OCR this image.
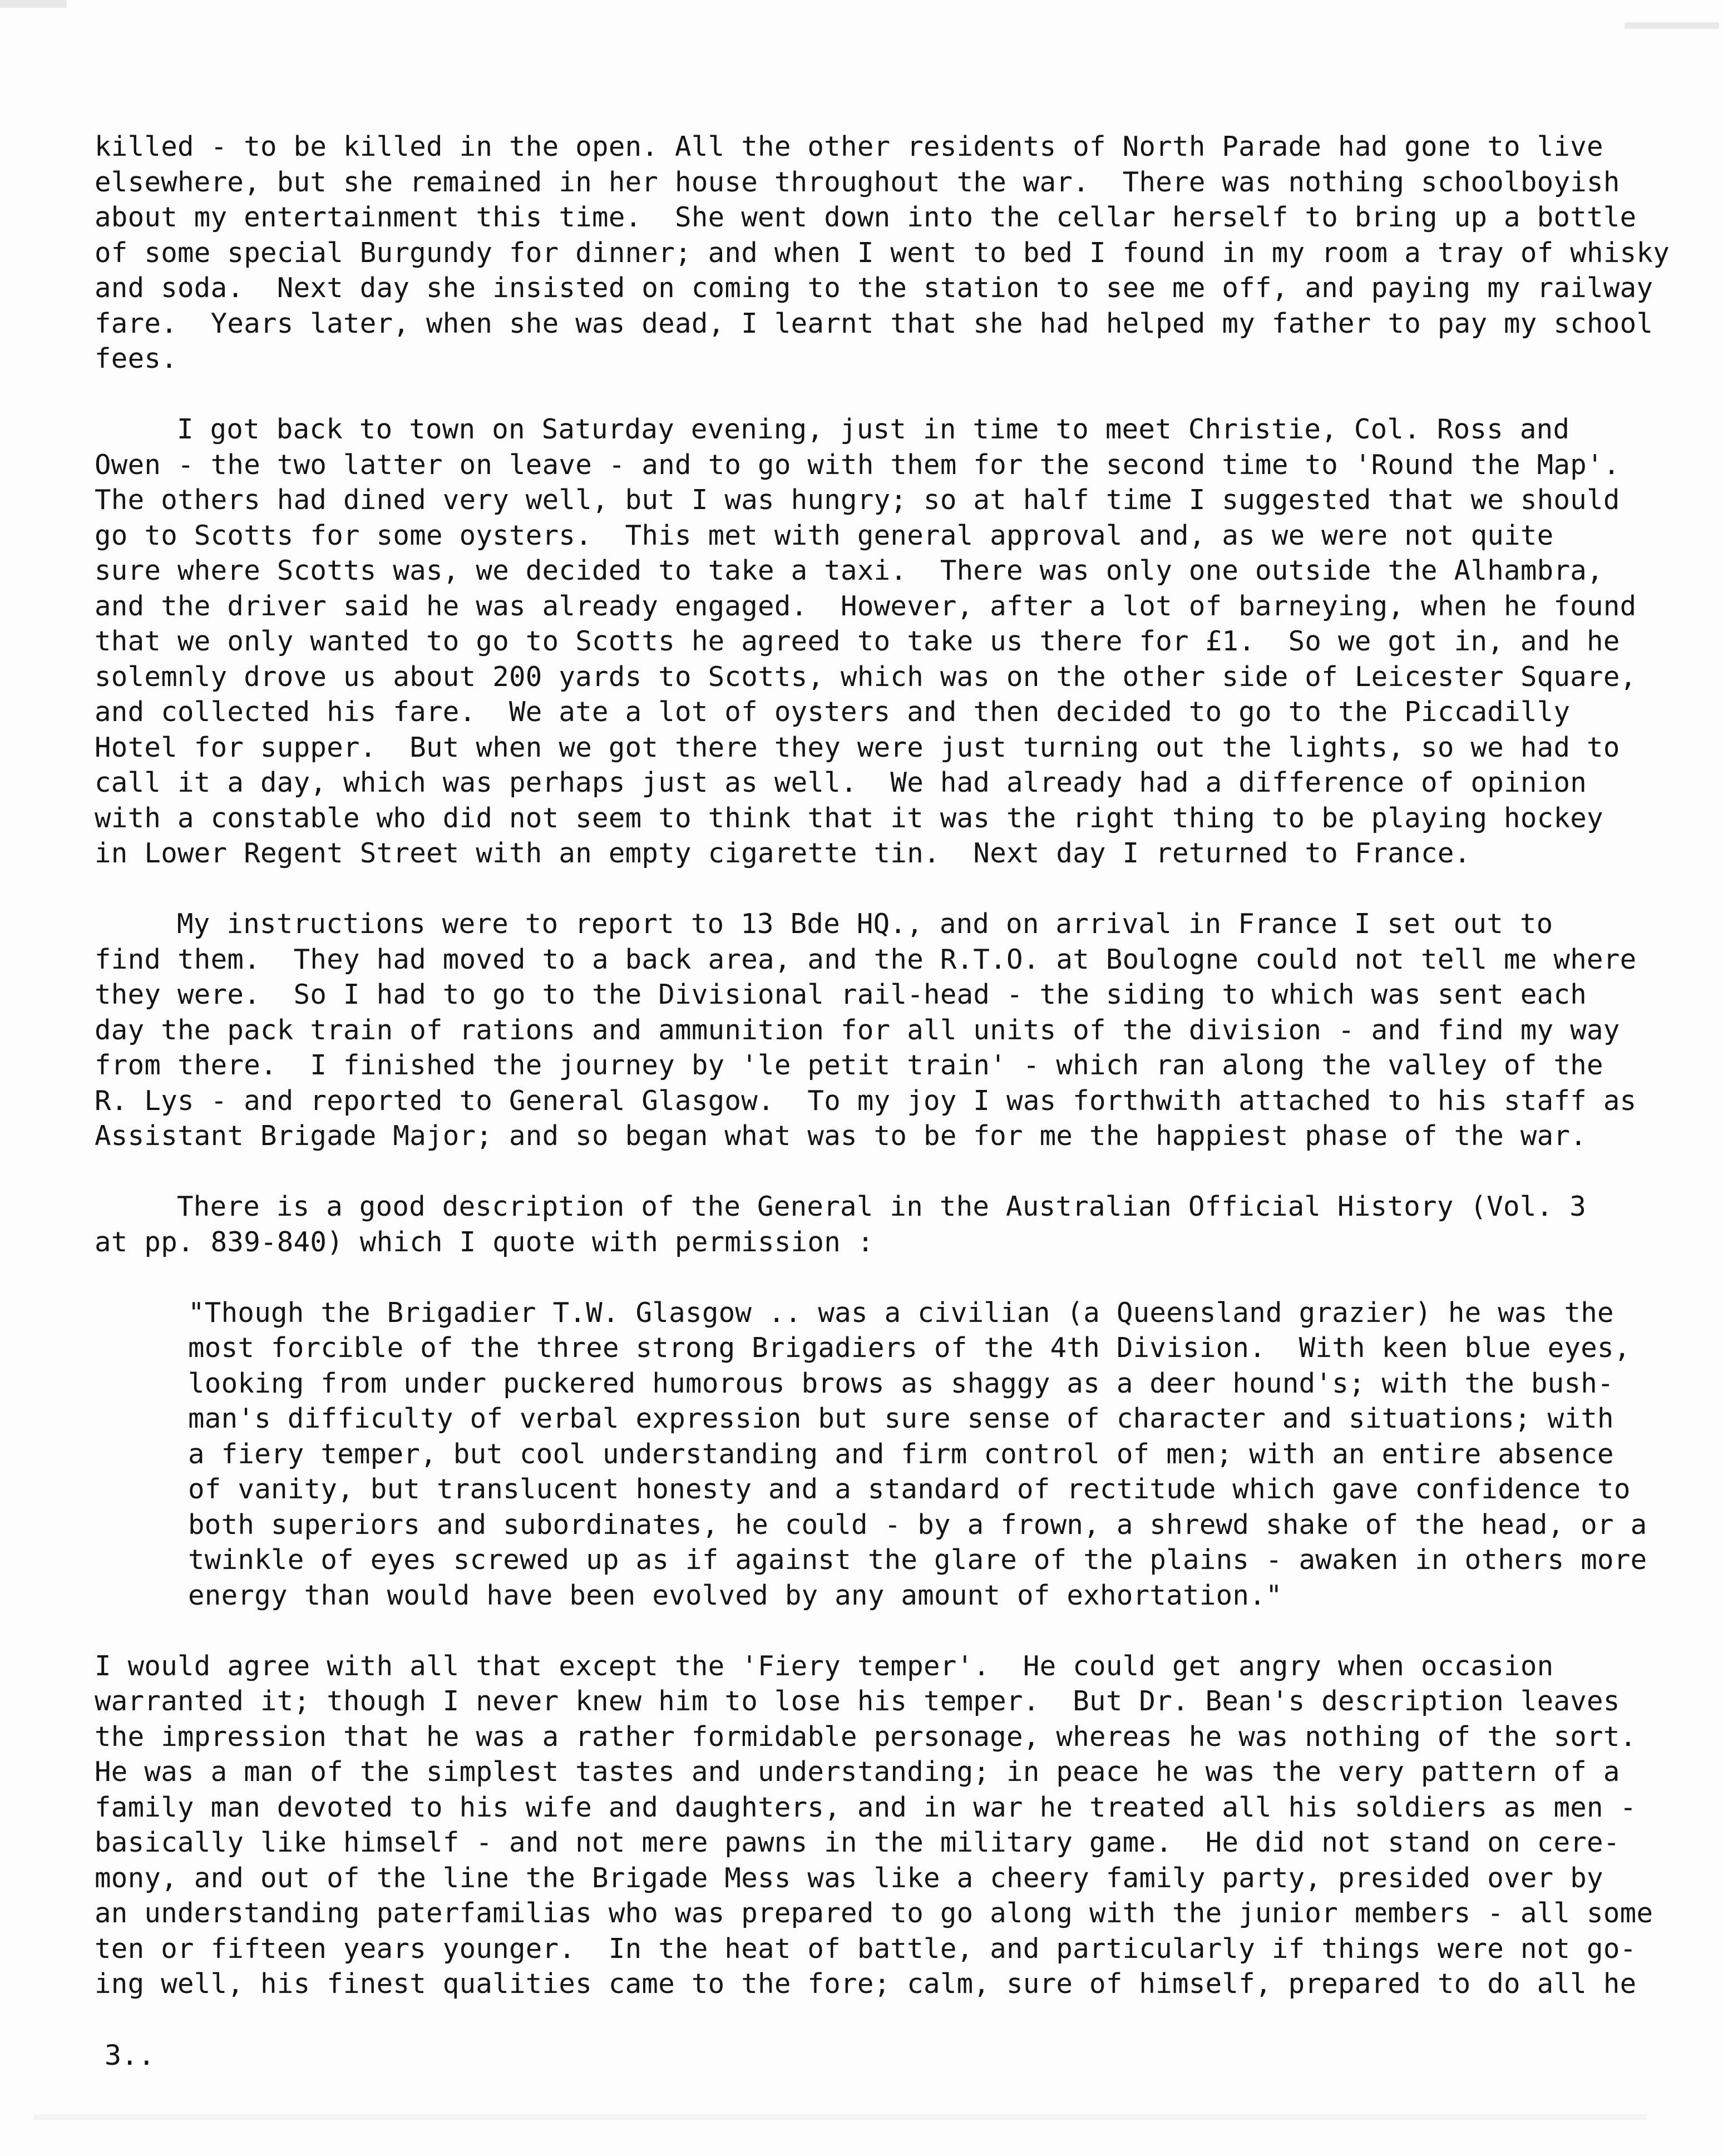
killed - to be killed in the open. All the other residents of North Parade had gone to live
elsewhere, but she remained in her house throughout the war.  There was nothing schoolboyish
about my entertainment this time.  She went down into the cellar herself to bring up a bottle
of some special Burgundy for dinner; and when I went to bed I found in my room a tray of whisky
and soda.  Next day she insisted on coming to the station to see me off, and paying my railway
fare.  Years later, when she was dead, I learnt that she had helped my father to pay my school
fees.
I got back to town on Saturday evening, just in time to meet Christie, Col. Ross and
Owen - the two latter on leave - and to go with them for the second time to 'Round the Map'.
The others had dined very well, but I was hungry; so at half time I suggested that we should
go to Scotts for some oysters.  This met with general approval and, as we were not quite
sure where Scotts was, we decided to take a taxi.  There was only one outside the Alhambra,
and the driver said he was already engaged.  However, after a lot of barneying, when he found
that we only wanted to go to Scotts he agreed to take us there for £1.  So we got in, and he
solemnly drove us about 200 yards to Scotts, which was on the other side of Leicester Square,
and collected his fare.  We ate a lot of oysters and then decided to go to the Piccadilly
Hotel for supper.  But when we got there they were just turning out the lights, so we had to
call it a day, which was perhaps just as well.  We had already had a difference of opinion
with a constable who did not seem to think that it was the right thing to be playing hockey
in Lower Regent Street with an empty cigarette tin.  Next day I returned to France.
My instructions were to report to 13 Bde HQ., and on arrival in France I set out to
find them.  They had moved to a back area, and the R.T.O. at Boulogne could not tell me where
they were.  So I had to go to the Divisional rail-head - the siding to which was sent each
day the pack train of rations and ammunition for all units of the division - and find my way
from there.  I finished the journey by 'le petit train' - which ran along the valley of the
R. Lys - and reported to General Glasgow.  To my joy I was forthwith attached to his staff as
Assistant Brigade Major; and so began what was to be for me the happiest phase of the war.
There is a good description of the General in the Australian Official History (Vol. 3
at pp. 839-840) which I quote with permission :
"Though the Brigadier T.W. Glasgow .. was a civilian (a Queensland grazier) he was the
most forcible of the three strong Brigadiers of the 4th Division.  With keen blue eyes,
looking from under puckered humorous brows as shaggy as a deer hound's; with the bush-
man's difficulty of verbal expression but sure sense of character and situations; with
a fiery temper, but cool understanding and firm control of men; with an entire absence
of vanity, but translucent honesty and a standard of rectitude which gave confidence to
both superiors and subordinates, he could - by a frown, a shrewd shake of the head, or a
twinkle of eyes screwed up as if against the glare of the plains - awaken in others more
energy than would have been evolved by any amount of exhortation."
I would agree with all that except the 'Fiery temper'.  He could get angry when occasion
warranted it; though I never knew him to lose his temper.  But Dr. Bean's description leaves
the impression that he was a rather formidable personage, whereas he was nothing of the sort.
He was a man of the simplest tastes and understanding; in peace he was the very pattern of a
family man devoted to his wife and daughters, and in war he treated all his soldiers as men -
basically like himself - and not mere pawns in the military game.  He did not stand on cere-
mony, and out of the line the Brigade Mess was like a cheery family party, presided over by
an understanding paterfamilias who was prepared to go along with the junior members - all some
ten or fifteen years younger.  In the heat of battle, and particularly if things were not go-
ing well, his finest qualities came to the fore; calm, sure of himself, prepared to do all he
3..
